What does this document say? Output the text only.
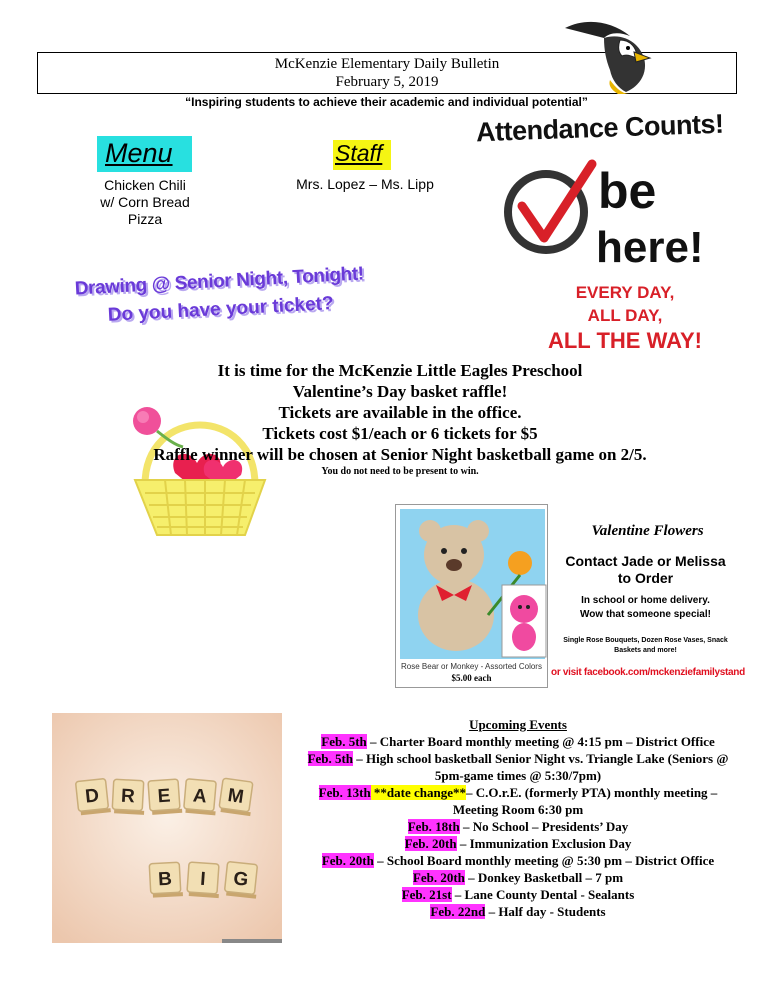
McKenzie Elementary Daily Bulletin
February 5, 2019
“Inspiring students to achieve their academic and individual potential”
Menu
Chicken Chili
w/ Corn Bread
Pizza
Staff
Mrs. Lopez – Ms. Lipp
Attendance Counts!
be
here!
EVERY DAY,
ALL DAY,
ALL THE WAY!
Drawing @ Senior Night, Tonight!
Do you have your ticket?
It is time for the McKenzie Little Eagles Preschool
Valentine’s Day basket raffle!
Tickets are available in the office.
Tickets cost $1/each or 6 tickets for $5
Raffle winner will be chosen at Senior Night basketball game on 2/5.
You do not need to be present to win.
Rose Bear or Monkey - Assorted Colors
$5.00 each
Valentine Flowers
Contact Jade or Melissa
to Order
In school or home delivery.
Wow that someone special!
Single Rose Bouquets, Dozen Rose Vases, Snack
Baskets and more!
or visit facebook.com/mckenziefamilystand
D R E A M
B I G
Upcoming Events
Feb. 5th – Charter Board monthly meeting @ 4:15 pm – District Office
Feb. 5th – High school basketball Senior Night vs. Triangle Lake (Seniors @ 5pm-game times @ 5:30/7pm)
Feb. 13th **date change**– C.O.r.E. (formerly PTA) monthly meeting – Meeting Room 6:30 pm
Feb. 18th – No School – Presidents’ Day
Feb. 20th – Immunization Exclusion Day
Feb. 20th – School Board monthly meeting @ 5:30 pm – District Office
Feb. 20th – Donkey Basketball – 7 pm
Feb. 21st – Lane County Dental - Sealants
Feb. 22nd – Half day - Students
